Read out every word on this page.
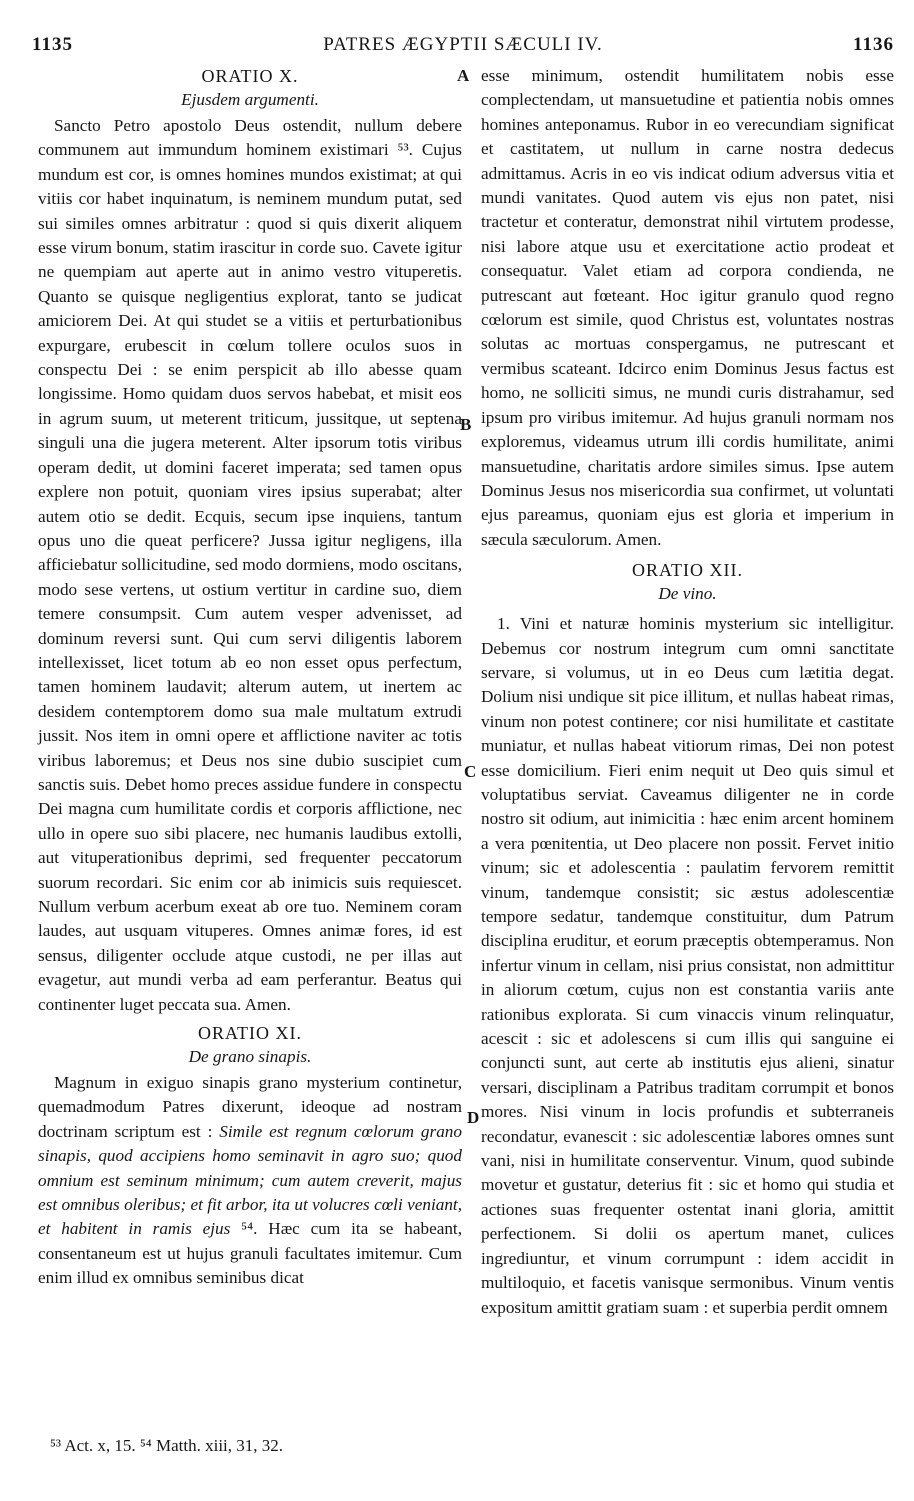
1135	PATRES ÆGYPTII SÆCULI IV.	1136
ORATIO X.
Ejusdem argumenti.

Sancto Petro apostolo Deus ostendit, nullum debere communem aut immundum hominem existimari ⁵³. Cujus mundum est cor, is omnes homines mundos existimat; at qui vitiis cor habet inquinatum, is neminem mundum putat, sed sui similes omnes arbitratur : quod si quis dixerit aliquem esse virum bonum, statim irascitur in corde suo. Cavete igitur ne quempiam aut aperte aut in animo vestro vituperetis. Quanto se quisque negligentius explorat, tanto se judicat amiciorem Dei. At qui studet se a vitiis et perturbationibus expurgare, erubescit in cœlum tollere oculos suos in conspectu Dei : se enim perspicit ab illo abesse quam longissime. Homo quidam duos servos habebat, et misit eos in agrum suum, ut meterent triticum, jussitque, ut septena singuli una die jugera meterent. Alter ipsorum totis viribus operam dedit, ut domini faceret imperata; sed tamen opus explere non potuit, quoniam vires ipsius superabat; alter autem otio se dedit. Ecquis, secum ipse inquiens, tantum opus uno die queat perficere? Jussa igitur negligens, illa afficiebatur sollicitudine, sed modo dormiens, modo oscitans, modo sese vertens, ut ostium vertitur in cardine suo, diem temere consumpsit. Cum autem vesper advenisset, ad dominum reversi sunt. Qui cum servi diligentis laborem intellexisset, licet totum ab eo non esset opus perfectum, tamen hominem laudavit; alterum autem, ut inertem ac desidem contemptorem domo sua male multatum extrudi jussit. Nos item in omni opere et afflictione naviter ac totis viribus laboremus; et Deus nos sine dubio suscipiet cum sanctis suis. Debet homo preces assidue fundere in conspectu Dei magna cum humilitate cordis et corporis afflictione, nec ullo in opere suo sibi placere, nec humanis laudibus extolli, aut vituperationibus deprimi, sed frequenter peccatorum suorum recordari. Sic enim cor ab inimicis suis requiescet. Nullum verbum acerbum exeat ab ore tuo. Neminem coram laudes, aut usquam vituperes. Omnes animæ fores, id est sensus, diligenter occlude atque custodi, ne per illas aut evagetur, aut mundi verba ad eam perferantur. Beatus qui continenter luget peccata sua. Amen.

ORATIO XI.
De grano sinapis.

Magnum in exiguo sinapis grano mysterium continetur, quemadmodum Patres dixerunt, ideoque ad nostram doctrinam scriptum est : Simile est regnum cœlorum grano sinapis, quod accipiens homo seminavit in agro suo; quod omnium est seminum minimum; cum autem creverit, majus est omnibus oleribus; et fit arbor, ita ut volucres cœli veniant, et habitent in ramis ejus ⁵⁴. Hæc cum ita se habeant, consentaneum est ut hujus granuli facultates imitemur. Cum enim illud ex omnibus seminibus dicat

A
B
C
D

esse minimum, ostendit humilitatem nobis esse complectendam, ut mansuetudine et patientia nobis omnes homines anteponamus. Rubor in eo verecundiam significat et castitatem, ut nullum in carne nostra dedecus admittamus. Acris in eo vis indicat odium adversus vitia et mundi vanitates. Quod autem vis ejus non patet, nisi tractetur et conteratur, demonstrat nihil virtutem prodesse, nisi labore atque usu et exercitatione actio prodeat et consequatur. Valet etiam ad corpora condienda, ne putrescant aut fœteant. Hoc igitur granulo quod regno cœlorum est simile, quod Christus est, voluntates nostras solutas ac mortuas conspergamus, ne putrescant et vermibus scateant. Idcirco enim Dominus Jesus factus est homo, ne solliciti simus, ne mundi curis distrahamur, sed ipsum pro viribus imitemur. Ad hujus granuli normam nos exploremus, videamus utrum illi cordis humilitate, animi mansuetudine, charitatis ardore similes simus. Ipse autem Dominus Jesus nos misericordia sua confirmet, ut voluntati ejus pareamus, quoniam ejus est gloria et imperium in sæcula sæculorum. Amen.

ORATIO XII.
De vino.

1. Vini et naturæ hominis mysterium sic intelligitur. Debemus cor nostrum integrum cum omni sanctitate servare, si volumus, ut in eo Deus cum lætitia degat. Dolium nisi undique sit pice illitum, et nullas habeat rimas, vinum non potest continere; cor nisi humilitate et castitate muniatur, et nullas habeat vitiorum rimas, Dei non potest esse domicilium. Fieri enim nequit ut Deo quis simul et voluptatibus serviat. Caveamus diligenter ne in corde nostro sit odium, aut inimicitia : hæc enim arcent hominem a vera pœnitentia, ut Deo placere non possit. Fervet initio vinum; sic et adolescentia : paulatim fervorem remittit vinum, tandemque consistit; sic æstus adolescentiæ tempore sedatur, tandemque constituitur, dum Patrum disciplina eruditur, et eorum præceptis obtemperamus. Non infertur vinum in cellam, nisi prius consistat, non admittitur in aliorum cœtum, cujus non est constantia variis ante rationibus explorata. Si cum vinaccis vinum relinquatur, acescit : sic et adolescens si cum illis qui sanguine ei conjuncti sunt, aut certe ab institutis ejus alieni, sinatur versari, disciplinam a Patribus traditam corrumpit et bonos mores. Nisi vinum in locis profundis et subterraneis recondatur, evanescit : sic adolescentiæ labores omnes sunt vani, nisi in humilitate conserventur. Vinum, quod subinde movetur et gustatur, deterius fit : sic et homo qui studia et actiones suas frequenter ostentat inani gloria, amittit perfectionem. Si dolii os apertum manet, culices ingrediuntur, et vinum corrumpunt : idem accidit in multiloquio, et facetis vanisque sermonibus. Vinum ventis expositum amittit gratiam suam : et superbia perdit omnem

⁵³ Act. x, 15. ⁵⁴ Matth. xiii, 31, 32.
